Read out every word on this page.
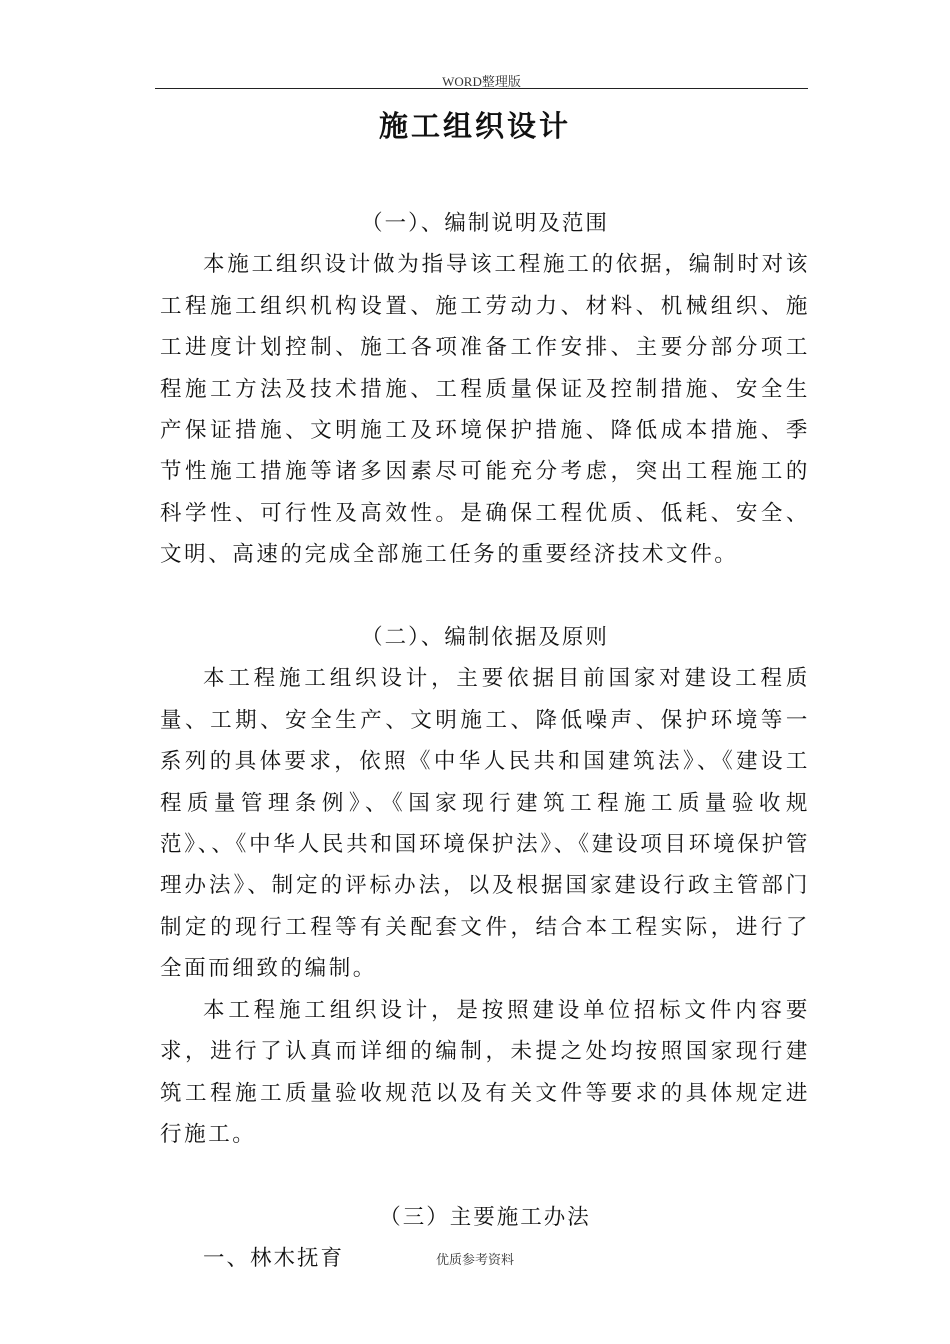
WORD整理版
施工组织设计

（一）、编制说明及范围

本施工组织设计做为指导该工程施工的依据，编制时对该工程施工组织机构设置、施工劳动力、材料、机械组织、施工进度计划控制、施工各项准备工作安排、主要分部分项工程施工方法及技术措施、工程质量保证及控制措施、安全生产保证措施、文明施工及环境保护措施、降低成本措施、季节性施工措施等诸多因素尽可能充分考虑，突出工程施工的科学性、可行性及高效性。是确保工程优质、低耗、安全、文明、高速的完成全部施工任务的重要经济技术文件。

（二）、编制依据及原则

本工程施工组织设计，主要依据目前国家对建设工程质量、工期、安全生产、文明施工、降低噪声、保护环境等一系列的具体要求，依照《中华人民共和国建筑法》、《建设工程质量管理条例》、《国家现行建筑工程施工质量验收规范》、、《中华人民共和国环境保护法》、《建设项目环境保护管理办法》、制定的评标办法，以及根据国家建设行政主管部门制定的现行工程等有关配套文件，结合本工程实际，进行了全面而细致的编制。

本工程施工组织设计，是按照建设单位招标文件内容要求，进行了认真而详细的编制，未提之处均按照国家现行建筑工程施工质量验收规范以及有关文件等要求的具体规定进行施工。

（三）主要施工办法

一、林木抚育	优质参考资料
